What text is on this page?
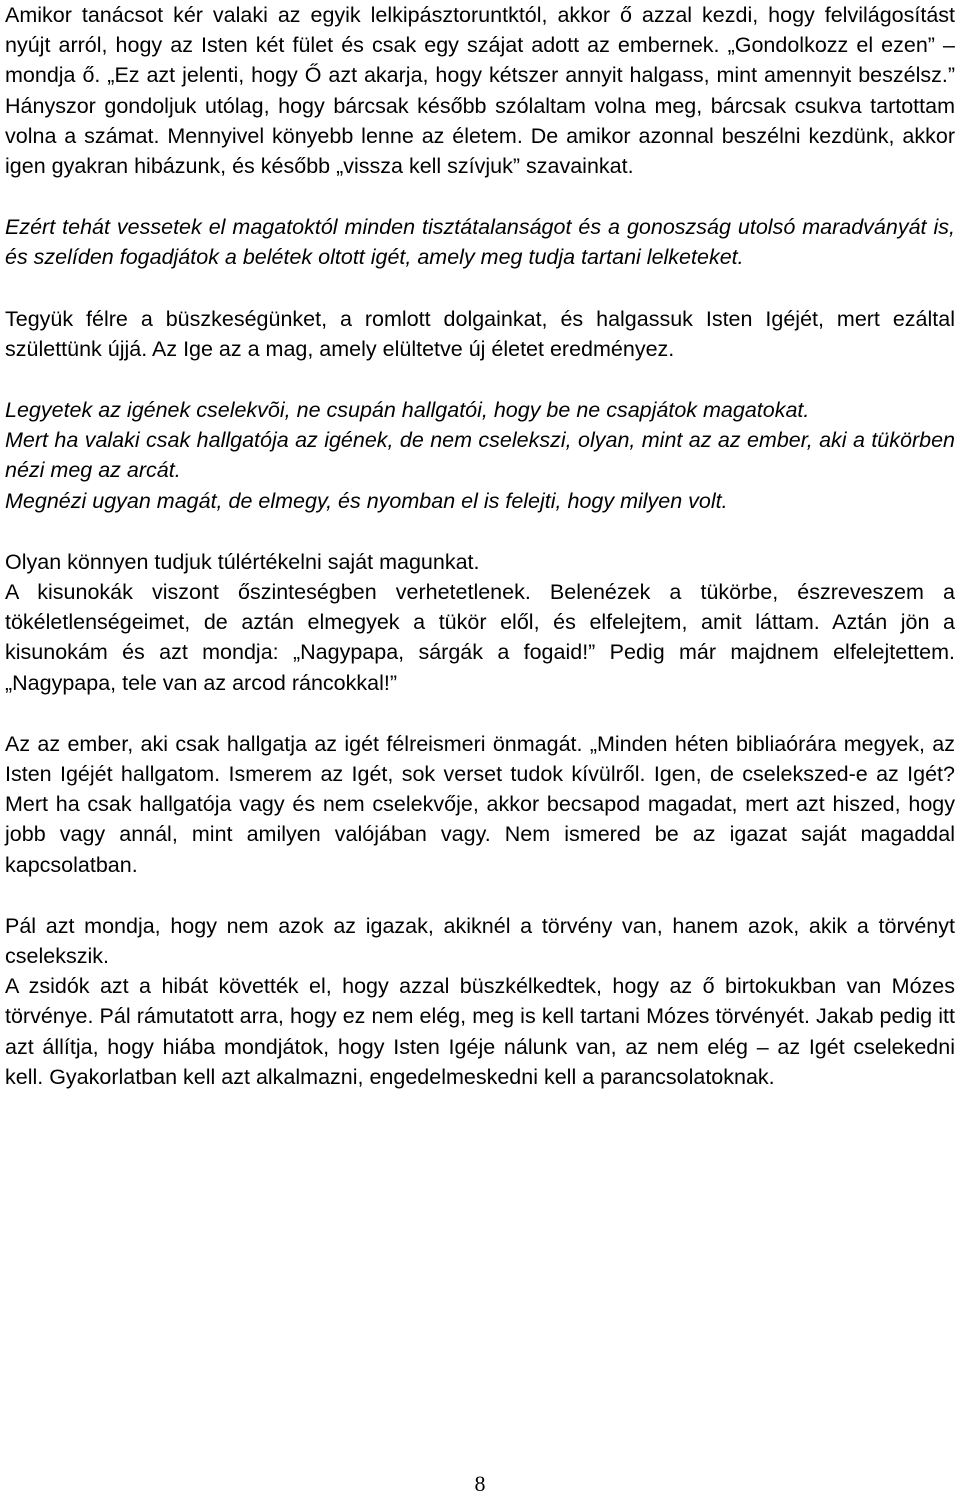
Amikor tanácsot kér valaki az egyik lelkipásztoruntktól, akkor ő azzal kezdi, hogy felvilágosítást nyújt arról, hogy az Isten két fület és csak egy szájat adott az embernek. „Gondolkozz el ezen” – mondja ő. „Ez azt jelenti, hogy Ő azt akarja, hogy kétszer annyit halgass, mint amennyit beszélsz.” Hányszor gondoljuk utólag, hogy bárcsak később szólaltam volna meg, bárcsak csukva tartottam volna a számat. Mennyivel könyebb lenne az életem. De amikor azonnal beszélni kezdünk, akkor igen gyakran hibázunk, és később „vissza kell szívjuk” szavainkat.

Ezért tehát vessetek el magatoktól minden tisztátalanságot és a gonoszság utolsó maradványát is, és szelíden fogadjátok a belétek oltott igét, amely meg tudja tartani lelketeket.

Tegyük félre a büszkeségünket, a romlott dolgainkat, és halgassuk Isten Igéjét, mert ezáltal születtünk újjá. Az Ige az a mag, amely elültetve új életet eredményez.

Legyetek az igének cselekvõi, ne csupán hallgatói, hogy be ne csapjátok magatokat.

Mert ha valaki csak hallgatója az igének, de nem cselekszi, olyan, mint az az ember, aki a tükörben nézi meg az arcát.

Megnézi ugyan magát, de elmegy, és nyomban el is felejti, hogy milyen volt.

Olyan könnyen tudjuk túlértékelni saját magunkat.

A kisunokák viszont őszinteségben verhetetlenek. Belenézek a tükörbe, észreveszem a tökéletlenségeimet, de aztán elmegyek a tükör elől, és elfelejtem, amit láttam. Aztán jön a kisunokám és azt mondja: „Nagypapa, sárgák a fogaid!” Pedig már majdnem elfelejtettem. „Nagypapa, tele van az arcod ráncokkal!”

Az az ember, aki csak hallgatja az igét félreismeri önmagát. „Minden héten bibliaórára megyek, az Isten Igéjét hallgatom. Ismerem az Igét, sok verset tudok kívülről. Igen, de cselekszed-e az Igét? Mert ha csak hallgatója vagy és nem cselekvője, akkor becsapod magadat, mert azt hiszed, hogy jobb vagy annál, mint amilyen valójában vagy. Nem ismered be az igazat saját magaddal kapcsolatban.

Pál azt mondja, hogy nem azok az igazak, akiknél a törvény van, hanem azok, akik a törvényt cselekszik.

A zsidók azt a hibát követték el, hogy azzal büszkélkedtek, hogy az ő birtokukban van Mózes törvénye. Pál rámutatott arra, hogy ez nem elég, meg is kell tartani Mózes törvényét. Jakab pedig itt azt állítja, hogy hiába mondjátok, hogy Isten Igéje nálunk van, az nem elég – az Igét cselekedni kell. Gyakorlatban kell azt alkalmazni, engedelmeskedni kell a parancsolatoknak.

8
